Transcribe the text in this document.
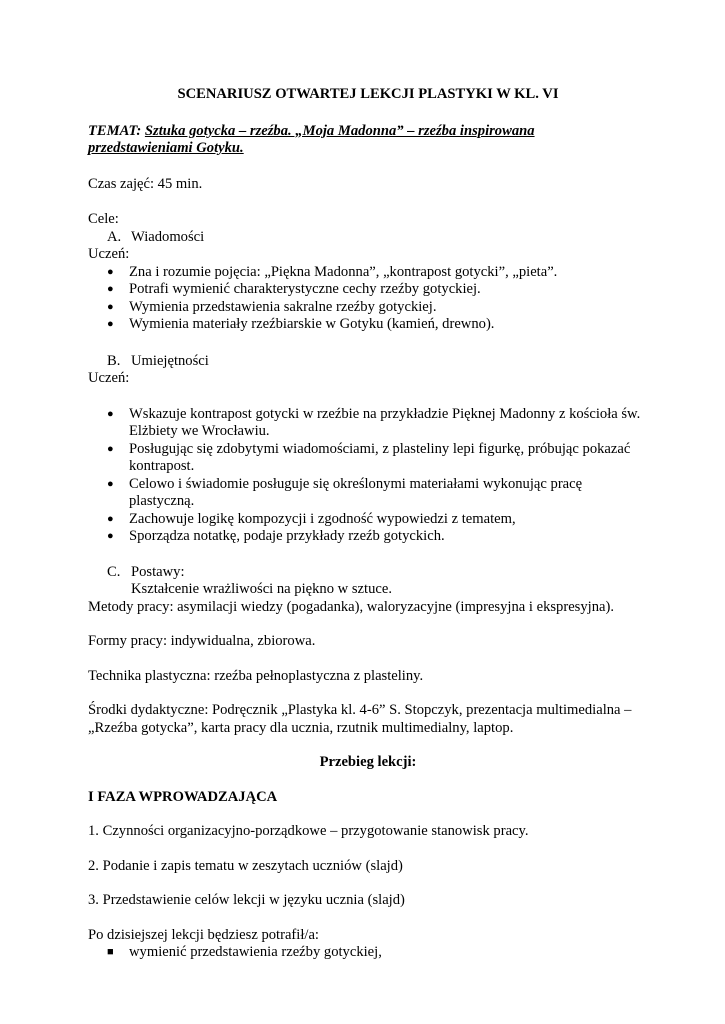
SCENARIUSZ OTWARTEJ LEKCJI PLASTYKI W KL. VI

TEMAT: Sztuka gotycka – rzeźba. „Moja Madonna” – rzeźba inspirowana
przedstawieniami Gotyku.

Czas zajęć: 45 min.

Cele:

A. Wiadomości

Uczeń:

●	Zna i rozumie pojęcia: „Piękna Madonna”, „kontrapost gotycki”, „pieta”.
●	Potrafi wymienić charakterystyczne cechy rzeźby gotyckiej.
●	Wymienia przedstawienia sakralne rzeźby gotyckiej.
●	Wymienia materiały rzeźbiarskie w Gotyku (kamień, drewno).
B. Umiejętności

Uczeń:

●	Wskazuje kontrapost gotycki w rzeźbie na przykładzie Pięknej Madonny z kościoła św. Elżbiety we Wrocławiu.
●	Posługując się zdobytymi wiadomościami, z plasteliny lepi figurkę, próbując pokazać kontrapost.
●	Celowo i świadomie posługuje się określonymi materiałami wykonując pracę plastyczną.
●	Zachowuje logikę kompozycji i zgodność wypowiedzi z tematem,
●	Sporządza notatkę, podaje przykłady rzeźb gotyckich.
C. Postawy:

Kształcenie wrażliwości na piękno w sztuce.

Metody pracy: asymilacji wiedzy (pogadanka), waloryzacyjne (impresyjna i ekspresyjna).

Formy pracy: indywidualna, zbiorowa.

Technika plastyczna: rzeźba pełnoplastyczna z plasteliny.

Środki dydaktyczne: Podręcznik „Plastyka kl. 4-6” S. Stopczyk, prezentacja multimedialna – „Rzeźba gotycka”, karta pracy dla ucznia, rzutnik multimedialny, laptop.

Przebieg lekcji:

I FAZA WPROWADZAJĄCA

1. Czynności organizacyjno-porządkowe – przygotowanie stanowisk pracy.

2. Podanie i zapis tematu w zeszytach uczniów (slajd)

3. Przedstawienie celów lekcji w języku ucznia (slajd)

Po dzisiejszej lekcji będziesz potrafił/a:

■	wymienić przedstawienia rzeźby gotyckiej,
